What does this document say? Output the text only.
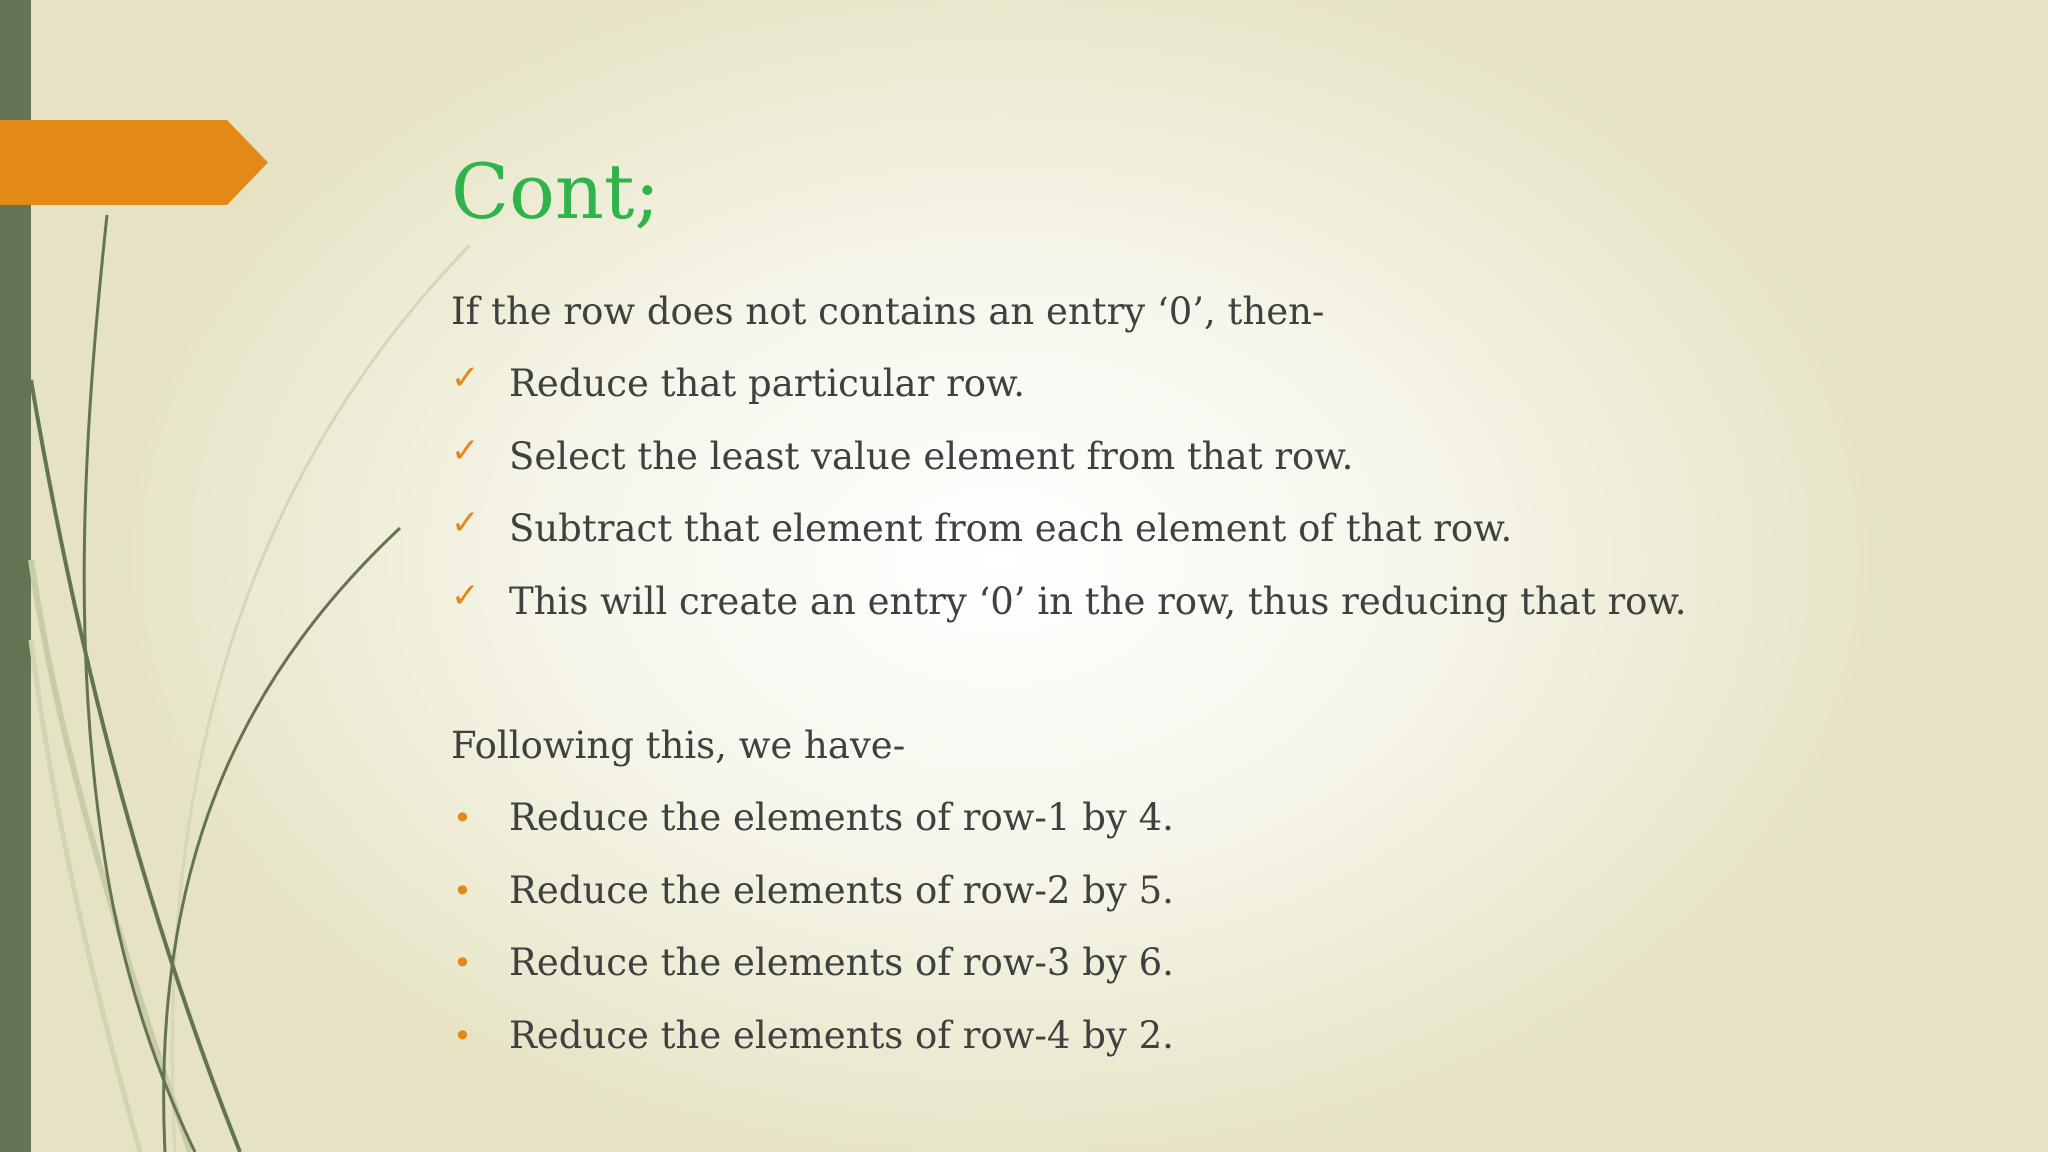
Cont;
If the row does not contains an entry ‘0’, then-
✓ Reduce that particular row.
✓ Select the least value element from that row.
✓ Subtract that element from each element of that row.
✓ This will create an entry ‘0’ in the row, thus reducing that row.
Following this, we have-
• Reduce the elements of row-1 by 4.
• Reduce the elements of row-2 by 5.
• Reduce the elements of row-3 by 6.
• Reduce the elements of row-4 by 2.
